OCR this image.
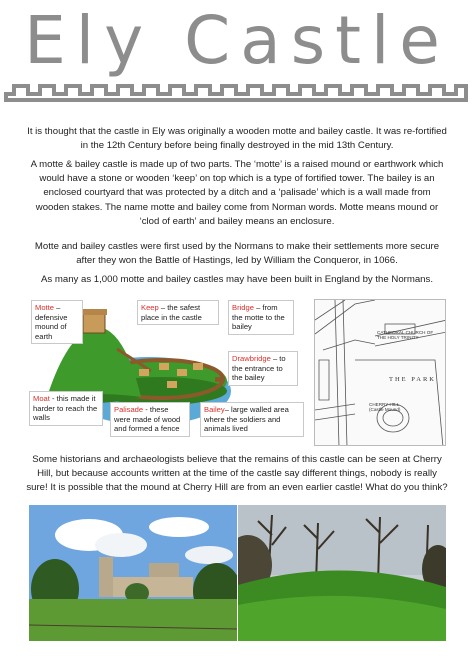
Ely Castle

It is thought that the castle in Ely was originally a wooden motte and bailey castle. It was re-fortified in the 12th Century before being finally destroyed in the mid 13th Century.

A motte & bailey castle is made up of two parts. The ‘motte’ is a raised mound or earthwork which would have a stone or wooden ‘keep’ on top which is a type of fortified tower. The bailey is an enclosed courtyard that was protected by a ditch and a ‘palisade’ which is a wall made from wooden stakes. The name motte and bailey come from Norman words. Motte means mound or ‘clod of earth’ and bailey means an enclosure.

Motte and bailey castles were first used by the Normans to make their settlements more secure after they won the Battle of Hastings, led by William the Conqueror, in 1066.

As many as 1,000 motte and bailey castles may have been built in England by the Normans.

Motte – defensive mound of earth
Keep – the safest place in the castle
Bridge – from the motte to the bailey
Drawbridge – to the entrance to the bailey
Moat - this made it harder to reach the walls
Palisade - these were made of wood and formed a fence
Bailey– large walled area where the soldiers and animals lived
CATHEDRAL CHURCH OF THE HOLY TRINITY
THE PARK
CHERRY HILL (Castle Mound)

Some historians and archaeologists believe that the remains of this castle can be seen at Cherry Hill, but because accounts written at the time of the castle say different things, nobody is really sure! It is possible that the mound at Cherry Hill are from an even earlier castle! What do you think?
